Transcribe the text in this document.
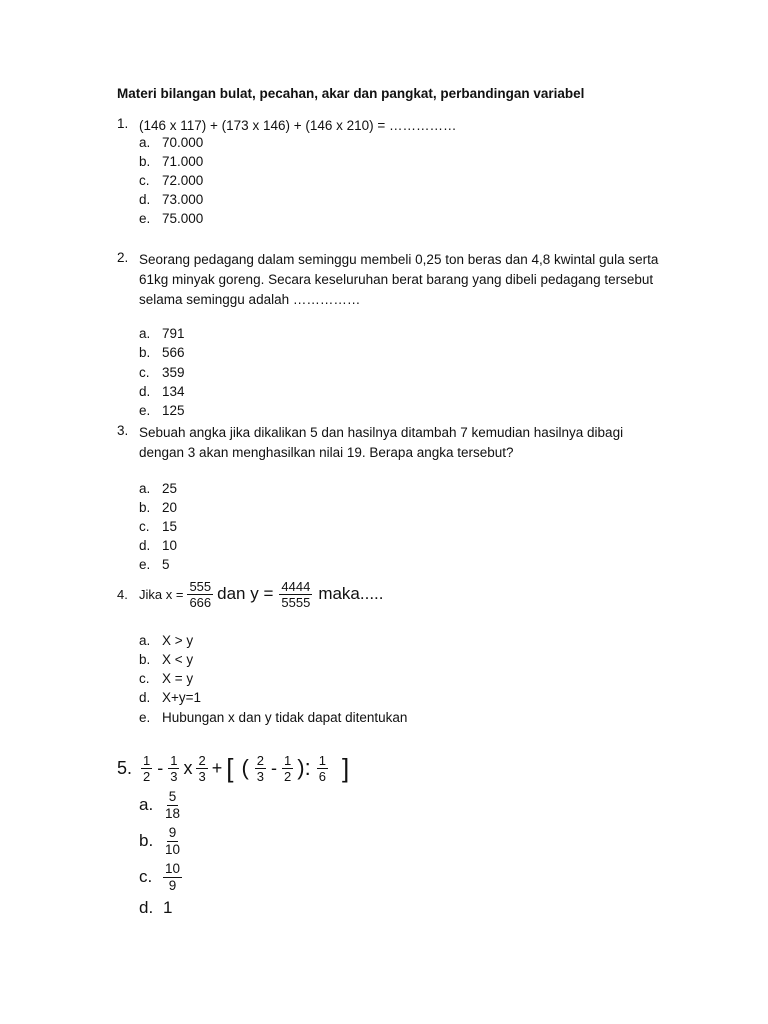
Materi bilangan bulat, pecahan, akar dan pangkat, perbandingan variabel
1. (146 x 117) + (173 x 146) + (146 x 210) = ……………
a. 70.000
b. 71.000
c. 72.000
d. 73.000
e. 75.000
2. Seorang pedagang dalam seminggu membeli 0,25 ton beras dan 4,8 kwintal gula serta 61kg minyak goreng. Secara keseluruhan berat barang yang dibeli pedagang tersebut selama seminggu adalah ……………
a. 791
b. 566
c. 359
d. 134
e. 125
3. Sebuah angka jika dikalikan 5 dan hasilnya ditambah 7 kemudian hasilnya dibagi dengan 3 akan menghasilkan nilai 19. Berapa angka tersebut?
a. 25
b. 20
c. 15
d. 10
e. 5
4. Jika $x = \frac{555}{666}$ dan $y = \frac{4444}{5555}$ maka.....
a. X > y
b. X < y
c. X = y
d. X+y=1
e. Hubungan x dan y tidak dapat ditentukan
5. $\frac{1}{2} - \frac{1}{3}$ x $\frac{2}{3}$ + [ ( $\frac{2}{3} - \frac{1}{2}$ ): $\frac{1}{6}$ ]
a. $\frac{5}{18}$
b. $\frac{9}{10}$
c. $\frac{10}{9}$
d. 1
